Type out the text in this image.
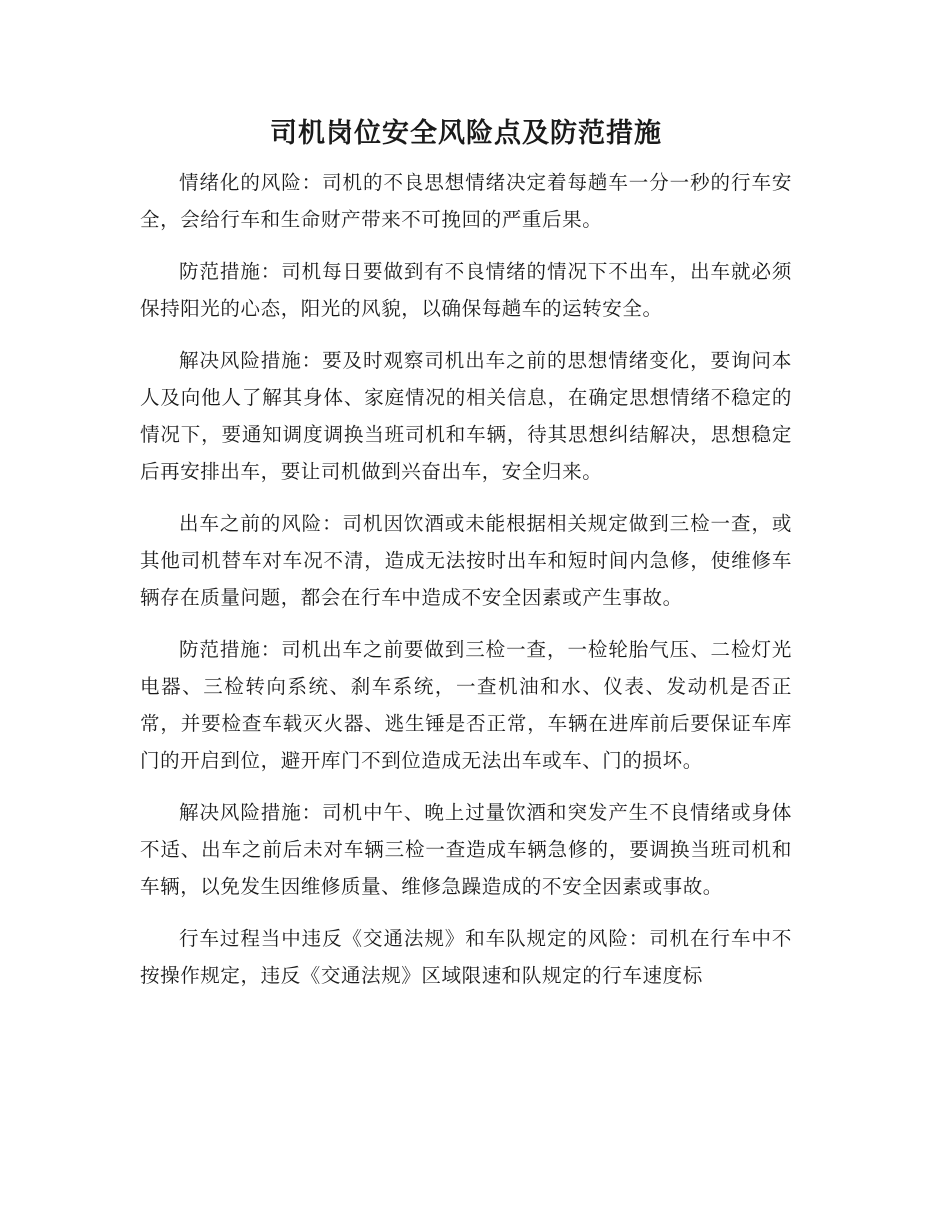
司机岗位安全风险点及防范措施

情绪化的风险：司机的不良思想情绪决定着每趟车一分一秒的行车安全，会给行车和生命财产带来不可挽回的严重后果。

防范措施：司机每日要做到有不良情绪的情况下不出车，出车就必须保持阳光的心态，阳光的风貌，以确保每趟车的运转安全。

解决风险措施：要及时观察司机出车之前的思想情绪变化，要询问本人及向他人了解其身体、家庭情况的相关信息，在确定思想情绪不稳定的情况下，要通知调度调换当班司机和车辆，待其思想纠结解决，思想稳定后再安排出车，要让司机做到兴奋出车，安全归来。

出车之前的风险：司机因饮酒或未能根据相关规定做到三检一查，或其他司机替车对车况不清，造成无法按时出车和短时间内急修，使维修车辆存在质量问题，都会在行车中造成不安全因素或产生事故。

防范措施：司机出车之前要做到三检一查，一检轮胎气压、二检灯光电器、三检转向系统、刹车系统，一查机油和水、仪表、发动机是否正常，并要检查车载灭火器、逃生锤是否正常，车辆在进库前后要保证车库门的开启到位，避开库门不到位造成无法出车或车、门的损坏。

解决风险措施：司机中午、晚上过量饮酒和突发产生不良情绪或身体不适、出车之前后未对车辆三检一查造成车辆急修的，要调换当班司机和车辆，以免发生因维修质量、维修急躁造成的不安全因素或事故。

行车过程当中违反《交通法规》和车队规定的风险：司机在行车中不按操作规定，违反《交通法规》区域限速和队规定的行车速度标
